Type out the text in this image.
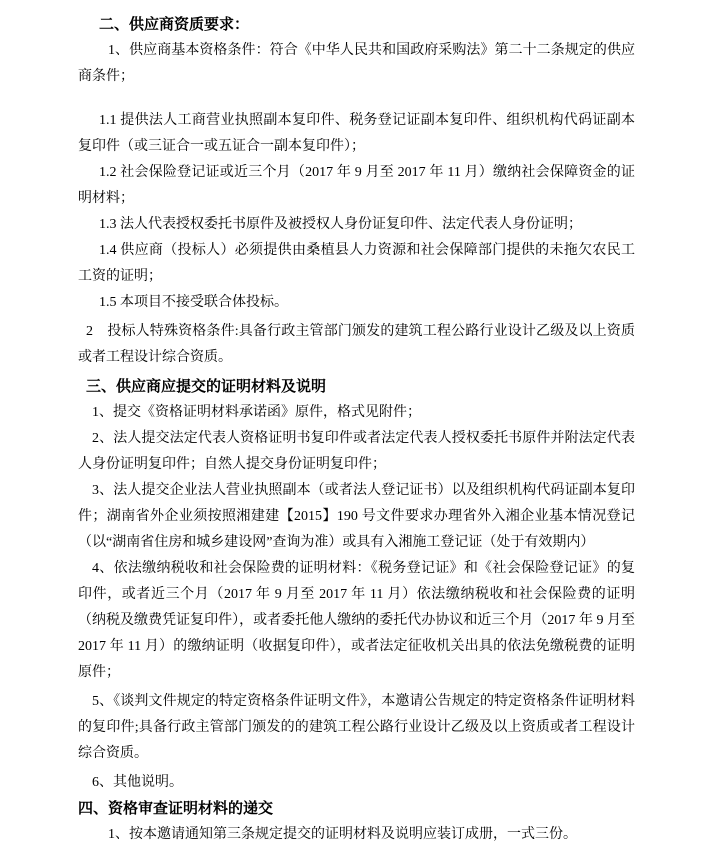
二、供应商资质要求：

1、供应商基本资格条件：符合《中华人民共和国政府采购法》第二十二条规定的供应商条件；

1.1 提供法人工商营业执照副本复印件、税务登记证副本复印件、组织机构代码证副本复印件（或三证合一或五证合一副本复印件）；

1.2 社会保险登记证或近三个月（2017 年 9 月至 2017 年 11 月）缴纳社会保障资金的证明材料；

1.3 法人代表授权委托书原件及被授权人身份证复印件、法定代表人身份证明；

1.4 供应商（投标人）必须提供由桑植县人力资源和社会保障部门提供的未拖欠农民工工资的证明；

1.5 本项目不接受联合体投标。

2　投标人特殊资格条件:具备行政主管部门颁发的建筑工程公路行业设计乙级及以上资质或者工程设计综合资质。

三、供应商应提交的证明材料及说明

1、提交《资格证明材料承诺函》原件，格式见附件；

2、法人提交法定代表人资格证明书复印件或者法定代表人授权委托书原件并附法定代表人身份证明复印件；自然人提交身份证明复印件；

3、法人提交企业法人营业执照副本（或者法人登记证书）以及组织机构代码证副本复印件；湖南省外企业须按照湘建建【2015】190 号文件要求办理省外入湘企业基本情况登记（以“湖南省住房和城乡建设网”查询为准）或具有入湘施工登记证（处于有效期内）

4、依法缴纳税收和社会保险费的证明材料：《税务登记证》和《社会保险登记证》的复印件，或者近三个月（2017 年 9 月至 2017 年 11 月）依法缴纳税收和社会保险费的证明（纳税及缴费凭证复印件），或者委托他人缴纳的委托代办协议和近三个月（2017 年 9 月至 2017 年 11 月）的缴纳证明（收据复印件），或者法定征收机关出具的依法免缴税费的证明原件；

5、《谈判文件规定的特定资格条件证明文件》，本邀请公告规定的特定资格条件证明材料的复印件;具备行政主管部门颁发的的建筑工程公路行业设计乙级及以上资质或者工程设计综合资质。

6、其他说明。

四、资格审查证明材料的递交

1、按本邀请通知第三条规定提交的证明材料及说明应装订成册，一式三份。
